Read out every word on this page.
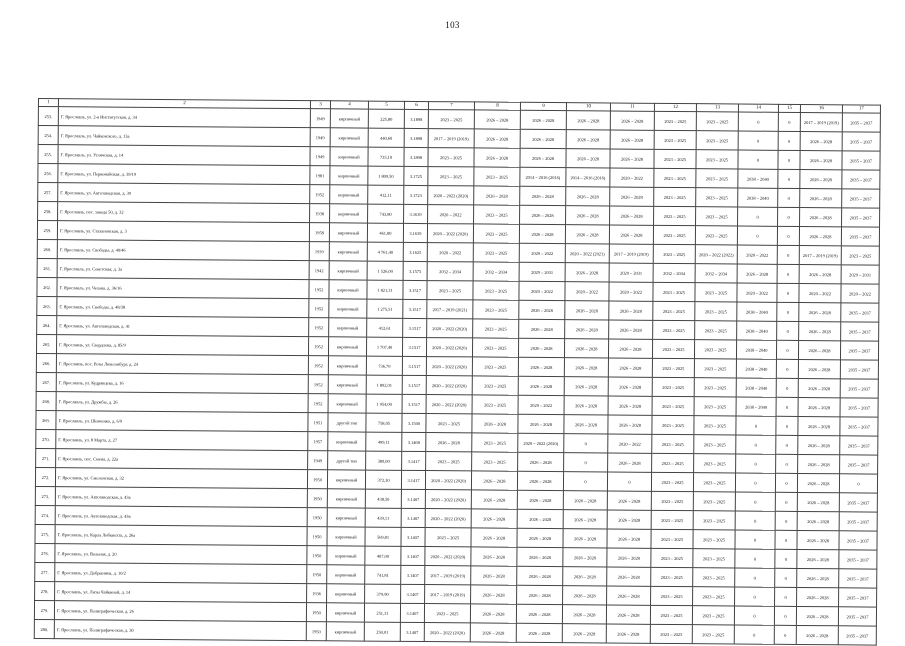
103
1	2	3	4	5	6	7	8	9	10	11	12	13	14	15	16	17
253.	Г. Ярославль, ул. 2-я Институтская, д. 34	1949	кирпичный	225,80	3.1898	2023 – 2025	2026 – 2028	2026 – 2028	2026 – 2028	2026 – 2028	2023 – 2025	2023 – 2025	0	0	2017 – 2019 (2019)	2035 – 2037
254.	Г. Ярославль, ул. Чайковского, д. 13а	1949	кирпичный	440,60	3.1898	2017 – 2019 (2019)	2026 – 2028	2026 – 2028	2026 – 2028	2026 – 2028	2023 – 2025	2023 – 2025	0	0	2026 – 2028	2035 – 2037
255.	Г. Ярославль, ул. Угличская, д. 14	1949	кирпичный	735,10	3.1898	2023 – 2025	2026 – 2028	2026 – 2028	2026 – 2028	2026 – 2028	2023 – 2025	2023 – 2025	0	0	2026 – 2028	2035 – 2037
256.	Г. Ярославль, ул. Первомайская, д. 39/19	1981	кирпичный	1 809,50	3.1725	2023 – 2025	2023 – 2025	2014 – 2016 (2016)	2014 – 2016 (2016)	2020 – 2022	2023 – 2025	2023 – 2025	2038 – 2040	0	2026 – 2028	2035 – 2037
257.	Г. Ярославль, ул. Автозаводская, д. 39	1952	кирпичный	412,11	3.1723	2020 – 2022 (2020)	2026 – 2028	2026 – 2028	2026 – 2028	2026 – 2028	2023 – 2025	2023 – 2025	2038 – 2040	0	2026 – 2028	2035 – 2037
258.	Г. Ярославль, пос. завода 50, д. 32	1938	кирпичный	743,80	3.1639	2020 – 2022	2023 – 2025	2026 – 2028	2026 – 2028	2026 – 2028	2023 – 2025	2023 – 2025	0	0	2026 – 2028	2035 – 2037
259.	Г. Ярославль, ул. Стахановская, д. 3	1958	кирпичный	461,80	3.1639	2020 – 2022 (2020)	2023 – 2025	2026 – 2028	2026 – 2028	2026 – 2028	2023 – 2025	2023 – 2025	0	0	2026 – 2028	2035 – 2037
260.	Г. Ярославль, ул. Свободы, д. 40/46	1939	кирпичный	4 761,40	3.1625	2020 – 2022	2023 – 2025	2020 – 2022	2020 – 2022 (2021)	2017 – 2019 (2019)	2023 – 2025	2020 – 2022 (2022)	2020 – 2022	0	2017 – 2019 (2019)	2023 – 2025
261.	Г. Ярославль, ул. Советская, д. 3а	1942	кирпичный	1 526,00	3.1575	2032 – 2034	2032 – 2034	2029 – 2031	2026 – 2028	2029 – 2031	2032 – 2034	2032 – 2034	2026 – 2028	0	2026 – 2028	2029 – 2031
262.	Г. Ярославль, ул. Чехова, д. 36/16	1952	кирпичный	1 821,31	3.1517	2023 – 2025	2023 – 2025	2020 – 2022	2020 – 2022	2020 – 2022	2023 – 2025	2023 – 2025	2020 – 2022	0	2020 – 2022	2020 – 2022
263.	Г. Ярославль, ул. Свободы, д. 48/38	1952	кирпичный	1 275,51	3.1517	2017 – 2019 (2021)	2023 – 2025	2026 – 2028	2026 – 2028	2026 – 2028	2023 – 2025	2023 – 2025	2038 – 2040	0	2026 – 2028	2035 – 2037
264.	Г. Ярославль, ул. Автозаводская, д. 41	1952	кирпичный	412,61	3.1517	2020 – 2022 (2020)	2023 – 2025	2026 – 2028	2026 – 2028	2026 – 2028	2023 – 2025	2023 – 2025	2038 – 2040	0	2026 – 2028	2035 – 2037
265.	Г. Ярославль, ул. Свердлова, д. 85/9	1952	кирпичный	1 707,40	3.1517	2020 – 2022 (2020)	2023 – 2025	2026 – 2028	2026 – 2028	2026 – 2028	2023 – 2025	2023 – 2025	2038 – 2040	0	2026 – 2028	2035 – 2037
266.	Г. Ярославль, пос. Розы Люксембург, д. 24	1952	кирпичный	736,70	3.1517	2020 – 2022 (2020)	2023 – 2025	2026 – 2028	2026 – 2028	2026 – 2028	2023 – 2025	2023 – 2025	2038 – 2040	0	2026 – 2028	2035 – 2037
267.	Г. Ярославль, ул. Кудрявцева, д. 16	1952	кирпичный	1 892,01	3.1517	2020 – 2022 (2020)	2023 – 2025	2026 – 2028	2026 – 2028	2026 – 2028	2023 – 2025	2023 – 2025	2038 – 2040	0	2026 – 2028	2035 – 2037
268.	Г. Ярославль, ул. Дружбы, д. 26	1952	кирпичный	1 954,00	3.1517	2020 – 2022 (2020)	2023 – 2025	2020 – 2022	2026 – 2028	2026 – 2028	2023 – 2025	2023 – 2025	2038 – 2040	0	2026 – 2028	2035 – 2037
269.	Г. Ярославль, ул. Шевченко, д. 6/9	1951	другой тип	758,05	3.1500	2023 – 2025	2026 – 2028	2026 – 2028	2026 – 2028	2026 – 2028	2023 – 2025	2023 – 2025	0	0	2026 – 2028	2035 – 2037
270.	Г. Ярославль, ул. 8 Марта, д. 27	1957	кирпичный	499,11	3.1468	2026 – 2028	2023 – 2025	2020 – 2022 (2020)	0	2020 – 2022	2023 – 2025	2023 – 2025	0	0	2026 – 2028	2035 – 2037
271.	Г. Ярославль, пос. Смена, д. 22а	1949	другой тип	389,00	3.1417	2023 – 2025	2023 – 2025	2026 – 2028	0	2026 – 2028	2023 – 2025	2023 – 2025	0	0	2026 – 2028	2035 – 2037
272.	Г. Ярославль, ул. Смоленская, д. 32	1950	кирпичный	372,30	3.1417	2020 – 2022 (2020)	2026 – 2028	2026 – 2028	0	0	2023 – 2025	2023 – 2025	0	0	2026 – 2028	0
273.	Г. Ярославль, ул. Автозаводская, д. 43а	1950	кирпичный	438,50	3.1407	2020 – 2022 (2020)	2026 – 2028	2026 – 2028	2026 – 2028	2026 – 2028	2023 – 2025	2023 – 2025	0	0	2026 – 2028	2035 – 2037
274.	Г. Ярославль, ул. Автозаводская, д. 43в	1950	кирпичный	439,11	3.1407	2020 – 2022 (2020)	2026 – 2028	2026 – 2028	2026 – 2028	2026 – 2028	2023 – 2025	2023 – 2025	0	0	2026 – 2028	2035 – 2037
275.	Г. Ярославль, ул. Карла Либкнехта, д. 26а	1950	кирпичный	569,81	3.1407	2023 – 2025	2026 – 2028	2026 – 2028	2026 – 2028	2026 – 2028	2023 – 2025	2023 – 2025	0	0	2026 – 2028	2035 – 2037
276.	Г. Ярославль, ул. Вольная, д. 20	1950	кирпичный	407,00	3.1407	2020 – 2022 (2020)	2026 – 2028	2026 – 2028	2026 – 2028	2026 – 2028	2023 – 2025	2023 – 2025	0	0	2026 – 2028	2035 – 2037
277.	Г. Ярославль, ул. Добрынина, д. 10/2	1950	кирпичный	741,81	3.1407	2017 – 2019 (2019)	2026 – 2028	2026 – 2028	2026 – 2028	2026 – 2028	2023 – 2025	2023 – 2025	0	0	2026 – 2028	2035 – 2037
278.	Г. Ярославль, ул. Лизы Чайкиной, д. 14	1936	кирпичный	379,90	3.1407	2017 – 2019 (2019)	2026 – 2028	2026 – 2028	2026 – 2028	2026 – 2028	2023 – 2025	2023 – 2025	0	0	2026 – 2028	2035 – 2037
279.	Г. Ярославль, ул. Полиграфическая, д. 26	1950	кирпичный	251,31	3.1407	2023 – 2025	2026 – 2028	2026 – 2028	2026 – 2028	2026 – 2028	2023 – 2025	2023 – 2025	0	0	2026 – 2028	2035 – 2037
280.	Г. Ярославль, ул. Полиграфическая, д. 30	1950	кирпичный	250,01	3.1407	2020 – 2022 (2020)	2026 – 2028	2026 – 2028	2026 – 2028	2026 – 2028	2023 – 2025	2023 – 2025	0	0	2026 – 2028	2035 – 2037
